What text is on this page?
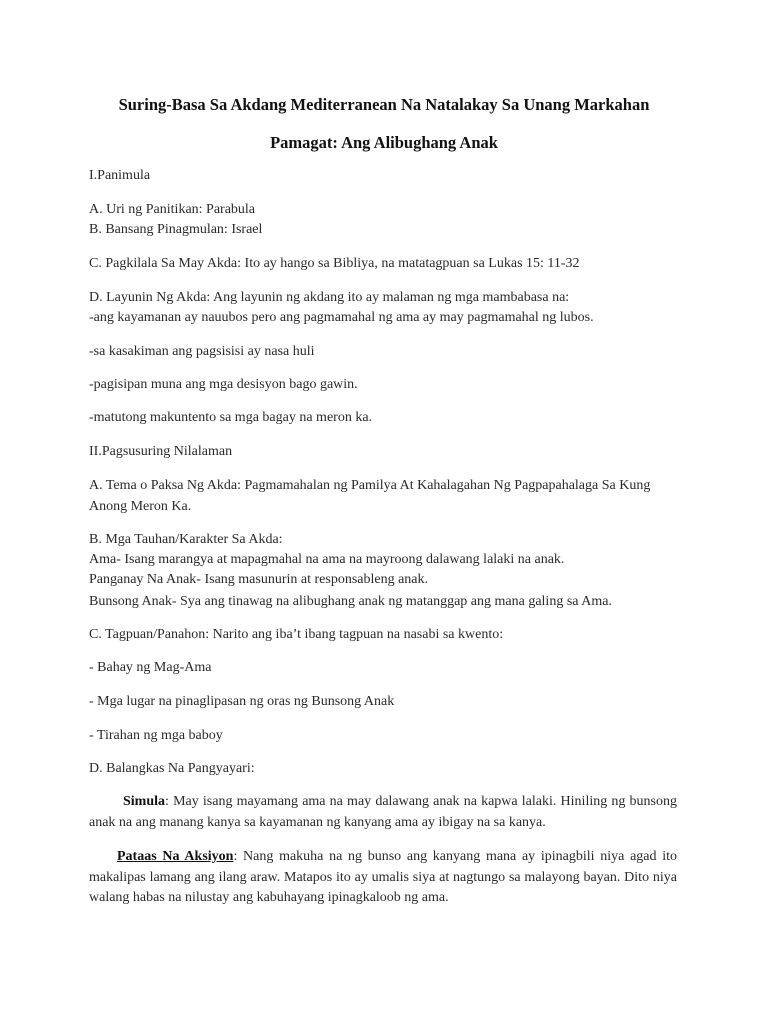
Suring-Basa Sa Akdang Mediterranean Na Natalakay Sa Unang Markahan
Pamagat: Ang Alibughang Anak
I.Panimula
A. Uri ng Panitikan: Parabula
B. Bansang Pinagmulan: Israel
C. Pagkilala Sa May Akda: Ito ay hango sa Bibliya, na matatagpuan sa Lukas 15: 11-32
D. Layunin Ng Akda: Ang layunin ng akdang ito ay malaman ng mga mambabasa na:
-ang kayamanan ay nauubos pero ang pagmamahal ng ama ay may pagmamahal ng lubos.
-sa kasakiman ang pagsisisi ay nasa huli
-pagisipan muna ang mga desisyon bago gawin.
-matutong makuntento sa mga bagay na meron ka.
II.Pagsusuring Nilalaman
A. Tema o Paksa Ng Akda: Pagmamahalan ng Pamilya At Kahalagahan Ng Pagpapahalaga Sa Kung Anong Meron Ka.
B. Mga Tauhan/Karakter Sa Akda:
Ama- Isang marangya at mapagmahal na ama na mayroong dalawang lalaki na anak.
Panganay Na Anak- Isang masunurin at responsableng anak.
Bunsong Anak- Sya ang tinawag na alibughang anak ng matanggap ang mana galing sa Ama.
C. Tagpuan/Panahon: Narito ang iba’t ibang tagpuan na nasabi sa kwento:
- Bahay ng Mag-Ama
- Mga lugar na pinaglipasan ng oras ng Bunsong Anak
- Tirahan ng mga baboy
D. Balangkas Na Pangyayari:
Simula: May isang mayamang ama na may dalawang anak na kapwa lalaki. Hiniling ng bunsong anak na ang manang kanya sa kayamanan ng kanyang ama ay ibigay na sa kanya.
Pataas Na Aksiyon: Nang makuha na ng bunso ang kanyang mana ay ipinagbili niya agad ito makalipas lamang ang ilang araw. Matapos ito ay umalis siya at nagtungo sa malayong bayan. Dito niya walang habas na nilustay ang kabuhayang ipinagkaloob ng ama.
